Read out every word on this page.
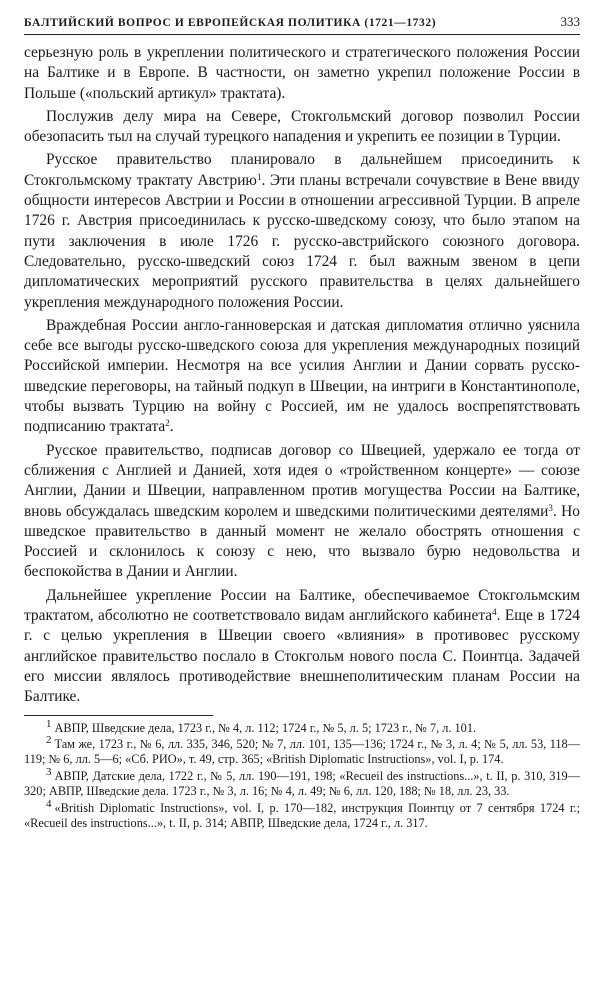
БАЛТИЙСКИЙ ВОПРОС И ЕВРОПЕЙСКАЯ ПОЛИТИКА (1721—1732)	333

серьезную роль в укреплении политического и стратегического положения России на Балтике и в Европе. В частности, он заметно укрепил положение России в Польше («польский артикул» трактата).

Послужив делу мира на Севере, Стокгольмский договор позволил России обезопасить тыл на случай турецкого нападения и укрепить ее позиции в Турции.

Русское правительство планировало в дальнейшем присоединить к Стокгольмскому трактату Австрию$^1$. Эти планы встречали сочувствие в Вене ввиду общности интересов Австрии и России в отношении агрессивной Турции. В апреле 1726 г. Австрия присоединилась к русско-шведскому союзу, что было этапом на пути заключения в июле 1726 г. русско-австрийского союзного договора. Следовательно, русско-шведский союз 1724 г. был важным звеном в цепи дипломатических мероприятий русского правительства в целях дальнейшего укрепления международного положения России.

Враждебная России англо-ганноверская и датская дипломатия отлично уяснила себе все выгоды русско-шведского союза для укрепления международных позиций Российской империи. Несмотря на все усилия Англии и Дании сорвать русско-шведские переговоры, на тайный подкуп в Швеции, на интриги в Константинополе, чтобы вызвать Турцию на войну с Россией, им не удалось воспрепятствовать подписанию трактата$^2$.

Русское правительство, подписав договор со Швецией, удержало ее тогда от сближения с Англией и Данией, хотя идея о «тройственном концерте» — союзе Англии, Дании и Швеции, направленном против могущества России на Балтике, вновь обсуждалась шведским королем и шведскими политическими деятелями$^3$. Но шведское правительство в данный момент не желало обострять отношения с Россией и склонилось к союзу с нею, что вызвало бурю недовольства и беспокойства в Дании и Англии.

Дальнейшее укрепление России на Балтике, обеспечиваемое Стокгольмским трактатом, абсолютно не соответствовало видам английского кабинета$^4$. Еще в 1724 г. с целью укрепления в Швеции своего «влияния» в противовес русскому английское правительство послало в Стокгольм нового посла С. Поинтца. Задачей его миссии являлось противодействие внешнеполитическим планам России на Балтике.

$^1$ АВПР, Шведские дела, 1723 г., № 4, л. 112; 1724 г., № 5, л. 5; 1723 г., № 7, л. 101.

$^2$ Там же, 1723 г., № 6, лл. 335, 346, 520; № 7, лл. 101, 135—136; 1724 г., № 3, л. 4; № 5, лл. 53, 118—119; № 6, лл. 5—6; «Сб. РИО», т. 49, стр. 365; «British Diplomatic Instructions», vol. I, p. 174.

$^3$ АВПР, Датские дела, 1722 г., № 5, лл. 190—191, 198; «Recueil des instructions...», t. II, p. 310, 319—320; АВПР, Шведские дела. 1723 г., № 3, л. 16; № 4, л. 49; № 6, лл. 120, 188; № 18, лл. 23, 33.

$^4$ «British Diplomatic Instructions», vol. I, p. 170—182, инструкция Поинтцу от 7 сентября 1724 г.; «Recueil des instructions...», t. II, p. 314; АВПР, Шведские дела, 1724 г., л. 317.
